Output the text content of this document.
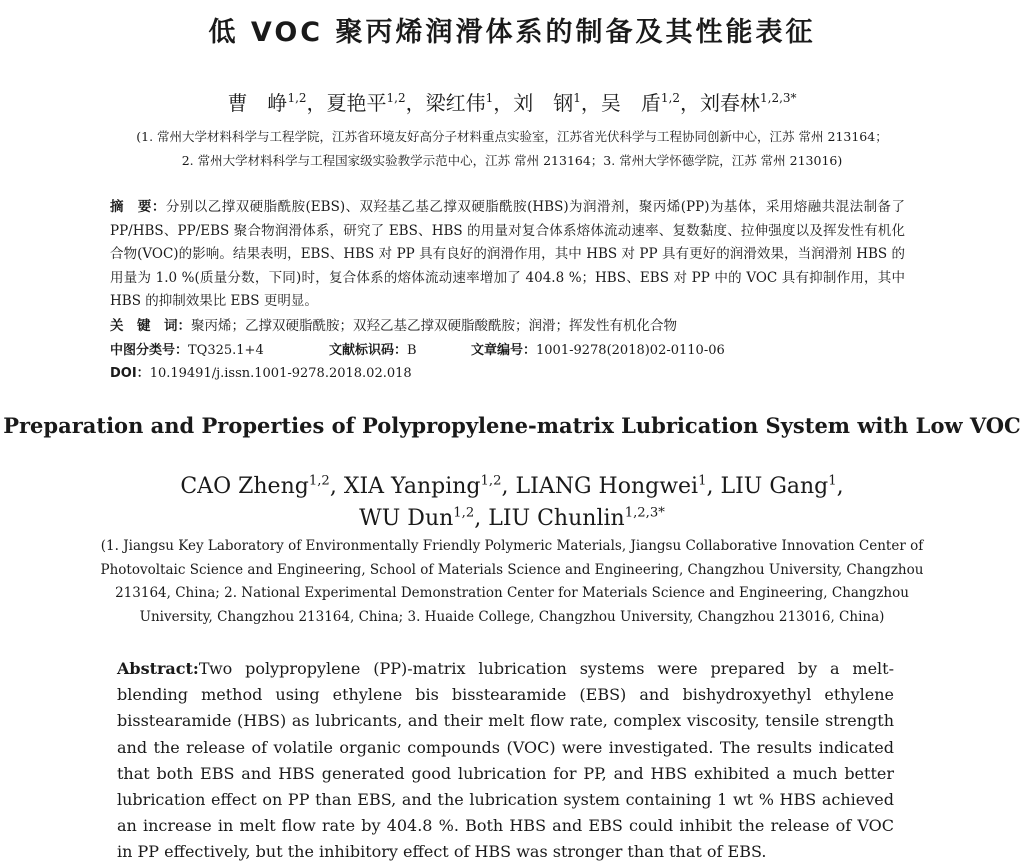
低 VOC 聚丙烯润滑体系的制备及其性能表征
曹　峥$^{1,2}$，夏艳平$^{1,2}$，梁红伟$^1$，刘　钢$^1$，吴　盾$^{1,2}$，刘春林$^{1,2,3*}$
(1. 常州大学材料科学与工程学院，江苏省环境友好高分子材料重点实验室，江苏省光伏科学与工程协同创新中心，江苏 常州 213164；
2. 常州大学材料科学与工程国家级实验教学示范中心，江苏 常州 213164；3. 常州大学怀德学院，江苏 常州 213016)
摘　要：分别以乙撑双硬脂酰胺(EBS)、双羟基乙基乙撑双硬脂酰胺(HBS)为润滑剂，聚丙烯(PP)为基体，采用熔融共混法制备了 PP/HBS、PP/EBS 聚合物润滑体系，研究了 EBS、HBS 的用量对复合体系熔体流动速率、复数黏度、拉伸强度以及挥发性有机化合物(VOC)的影响。结果表明，EBS、HBS 对 PP 具有良好的润滑作用，其中 HBS 对 PP 具有更好的润滑效果，当润滑剂 HBS 的用量为 1.0 %(质量分数，下同)时，复合体系的熔体流动速率增加了 404.8 %；HBS、EBS 对 PP 中的 VOC 具有抑制作用，其中 HBS 的抑制效果比 EBS 更明显。
关　键　词：聚丙烯；乙撑双硬脂酰胺；双羟乙基乙撑双硬脂酸酰胺；润滑；挥发性有机化合物
中图分类号：TQ325.1+4	文献标识码：B	文章编号：1001-9278(2018)02-0110-06
DOI：10.19491/j.issn.1001-9278.2018.02.018
Preparation and Properties of Polypropylene-matrix Lubrication System with Low VOC
CAO Zheng$^{1,2}$, XIA Yanping$^{1,2}$, LIANG Hongwei$^1$, LIU Gang$^1$,
WU Dun$^{1,2}$, LIU Chunlin$^{1,2,3*}$
(1. Jiangsu Key Laboratory of Environmentally Friendly Polymeric Materials, Jiangsu Collaborative Innovation Center of Photovoltaic Science and Engineering, School of Materials Science and Engineering, Changzhou University, Changzhou 213164, China; 2. National Experimental Demonstration Center for Materials Science and Engineering, Changzhou University, Changzhou 213164, China; 3. Huaide College, Changzhou University, Changzhou 213016, China)
Abstract:Two polypropylene (PP)-matrix lubrication systems were prepared by a melt-blending method using ethylene bis bisstearamide (EBS) and bishydroxyethyl ethylene bisstearamide (HBS) as lubricants, and their melt flow rate, complex viscosity, tensile strength and the release of volatile organic compounds (VOC) were investigated. The results indicated that both EBS and HBS generated good lubrication for PP, and HBS exhibited a much better lubrication effect on PP than EBS, and the lubrication system containing 1 wt % HBS achieved an increase in melt flow rate by 404.8 %. Both HBS and EBS could inhibit the release of VOC in PP effectively, but the inhibitory effect of HBS was stronger than that of EBS.
